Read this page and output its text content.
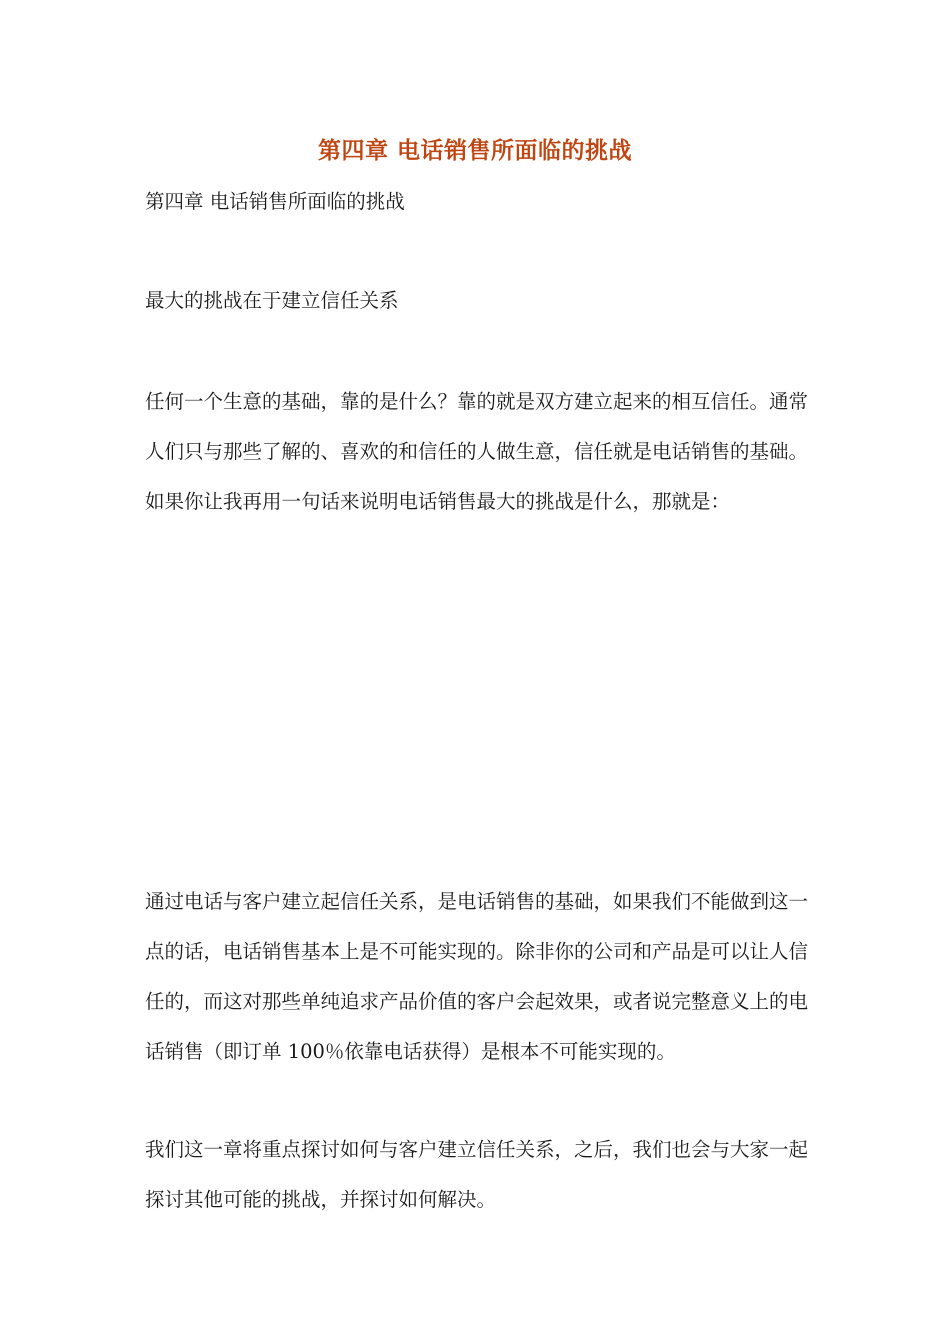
第四章 电话销售所面临的挑战

第四章 电话销售所面临的挑战

最大的挑战在于建立信任关系

任何一个生意的基础，靠的是什么？靠的就是双方建立起来的相互信任。通常人们只与那些了解的、喜欢的和信任的人做生意，信任就是电话销售的基础。如果你让我再用一句话来说明电话销售最大的挑战是什么，那就是：

通过电话与客户建立起信任关系，是电话销售的基础，如果我们不能做到这一点的话，电话销售基本上是不可能实现的。除非你的公司和产品是可以让人信任的，而这对那些单纯追求产品价值的客户会起效果，或者说完整意义上的电话销售（即订单 100％依靠电话获得）是根本不可能实现的。

我们这一章将重点探讨如何与客户建立信任关系，之后，我们也会与大家一起探讨其他可能的挑战，并探讨如何解决。
